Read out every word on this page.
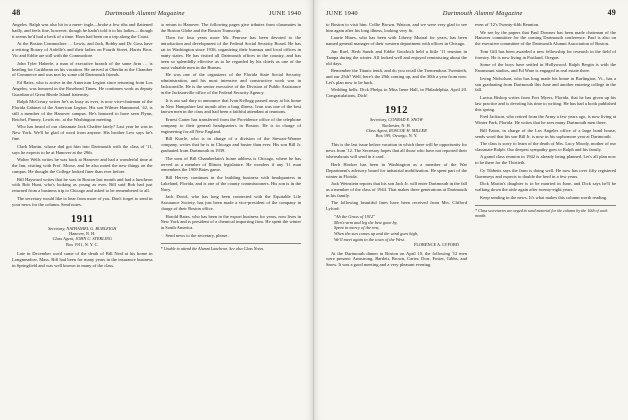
48	Dartmouth Alumni Magazine	JUNE 1940

Angeles. Ralph was also hit in a mere- ingle—broke a few ribs and flattened badly, and feels fine, however, though he hadn't told it to his ladies— though it seems he'd had a heck of a time. Horn had been on a trip along the Coast.

At the Boston Commodore … Lewis, and Jack, Bobby and Dr. Goss have a retiring Rotary of Ardelle's and their ladies on Fourth Street, Harris Bros. Vic and Eddie are still with the Commodore.

John Tyler Haberle, a man of executive branch of the same firm … is heading for Caribbean on his vacation. He arrived at Oberlin at the Chamber of Commerce and was met by some old Dartmouth friends.

Ed Bates, who is active in the American Legion since returning from Los Angeles, was honored in the Rosehead Times. He continues work as deputy Guardian of Great Rhode Island fraternity.

Ralph McCreary writes he's as busy as ever, is now vice-chairman of the Florida Cabinet of the American Legion. His son Wilmer Hammond, '42, is still a member of the Hanover campus. He's honored to have seen Flynn, Reichel, Pinney, Lewis etc. at the Washington meeting.

Who has heard of our classmate Jack Chaffee lately? Last year he was in New York. We'll be glad of word from anyone. His brother Lew says he's fine.

Clark Martin, whose dad got him into Dartmouth with the class of '11, says he expects to be at Hanover at the 29th.

Walter Wells writes he was back at Hanover and had a wonderful time at the Inn, visiting with Prof. Morse, and he also noted the new things on the campus. He thought the College looked finer than ever before.

Bill Hayward writes that he was in Boston last month and had a luncheon with Bob Hunt, who's looking as young as ever. Bill said Bob had just returned from a business trip to Chicago and asked to be remembered to all.

The secretary would like to hear from more of you. Don't forget to send in your news for the column. Send notes.

1911
Secretary, NATHANIEL G. BURLEIGH
Hanover, N. H.
Class Agent, JOHN C. STERLING
Box 1911, N. Y. C.

Late in December word came of the death of Bill Neal at his home in Longmeadow, Mass. Bill had been for many years in the insurance business in Springfield and was well known to many of the class.

to return to Hanover. The following pages give tributes from classmates in the Boston Globe and the Boston Transcript.

Then for four years more Mr. Penrose has been devoted to the introduction and development of the Federal Social Security Board. He has sat in Washington since 1936, organizing their bureaus and local offices in many states. He has visited all Dartmouth offices in the country, and has been so splendidly effective as to be regarded by his chiefs as one of the most valuable men in the Bureau.

He was one of the organizers of the Florida State Social Security administration, and his most intensive and constructive work was in Jacksonville. He is the senior executive of the Division of Public Assistance in the Jacksonville office of the Federal Security Agency.

It is our sad duty to announce that Ivan Kellogg passed away at his home in New Hampshire last month after a long illness. Ivan was one of the best known men in the class and had been a faithful attendant at reunions.

Ernest Carter has transferred from the Providence office of the telephone company to their general headquarters in Boston. He is in charge of engineering for all New England.

Bill Kurrle, who is in charge of a division of the Stewart-Warner company, writes that he is in Chicago and busier than ever. His son Bill Jr. graduated from Dartmouth in 1939.

The sons of Bill Chamberlain's home address is Chicago, where he has served as a member of Illinois legislature. He wonders if any '11 man remembers the 1909 Bates game.

Bill Hervey continues in the building business with headquarters in Lakeland, Florida, and is one of the county commissioners. His son is in the Navy.

Jack Dowd, who has long been connected with the Equitable Life Assurance Society, has just been made a vice-president of the company in charge of their Boston office.

Harold Bates, who has been in the export business for years, now lives in New York and is president of a chemical importing firm. He spent the winter in South America.

Send news to the secretary, please.

* Unable to attend the Alumni Luncheon. See also Class Notes.
JUNE 1940	Dartmouth Alumni Magazine	49

to Boston to visit him. Collie Brown, Watson, and we were very glad to see him again after his long illness, looking very fit.

Laurie Hines, who has been with Liberty Mutual for years, has been named general manager of their western department with offices in Chicago.

Jim Ruel, Herb Sands and Eddie Goodrich held a little '11 reunion in Tampa during the winter. All looked well and enjoyed reminiscing about the old days.

Remember the Titanic tenth, and do you recall the Tremendous Twentieth, and our 25th? Well, here's the 29th coming up, and the 30th a year from now. Let's plan now to be back.

Wedding bells: Dick Phelps to Miss Irene Hall, in Philadelphia, April 20. Congratulations, Dick!

1912
Secretary, CONRAD E. SNOW
Rochester, N. H.
Class Agent, ROSCOE H. MILLER
Box 199, Oswego, N. Y.

This is the last issue before vacation in which there will be opportunity for news from '12. The Secretary hopes that all those who have not reported their whereabouts will send in a card.

Herb Hooker has been in Washington as a member of the War Department's advisory board for industrial mobilization. He spent part of the winter in Florida.

Jack Weinstein reports that his son Jack Jr. will enter Dartmouth in the fall as a member of the class of 1944. That makes three generations at Dartmouth in his family.

The following beautiful lines have been received from Mrs. Clifford Lyford:

"Ah the Grass of 1912"
Men's-arm and leg the best gone by,
Spent in mercy of the rest,
When the sun comes up and the wind goes high,
We'll meet again in the town of the West.
FLORENCE A. LYFORD

At the Dartmouth dinner in Boston on April 10, the following '12 men were present: Armstrong, Bartlett, Brown, Carter, Dorr, Foster, Gibbs, and Snow. It was a good meeting and a very pleasant evening.

even of '12's Twenty-fifth Reunion.

We see by the papers that Paul Downes has been made chairman of the Hanover committee for the coming Dartmouth conference. Paul is also on the executive committee of the Dartmouth Alumni Association of Boston.

Tom Gill has been awarded a new fellowship for research in the field of forestry. He is now living in Portland, Oregon.

Some of the boys have settled in Hollywood. Ralph Bergin is with the Paramount studios, and Ed Ware is engaged in real estate there.

Irving Nicholson, who has long made his home in Burlington, Vt., has a son graduating from Dartmouth this June and another entering college in the fall.

Lucius Bishop writes from Fort Myers, Florida, that he has given up his law practice and is devoting his time to writing. He has had a book published this spring.

Fred Jackson, who retired from the Army a few years ago, is now living at Winter Park, Florida. He writes that he sees many Dartmouth men there.

Bill Eaton, in charge of the Los Angeles office of a large bond house, sends word that his son Bill Jr. is now in his sophomore year at Dartmouth.

The class is sorry to learn of the death of Mrs. Lucy Moody, mother of our classmate Ralph. Our deepest sympathy goes to Ralph and his family.

A grand class reunion in 1942 is already being planned. Let's all plan now to be there for the Thirtieth.

Cy Tibbetts says the farm is doing well. He now has over fifty registered Guernseys and expects to double the herd in a few years.

Dick Martin's daughter is to be married in June, and Dick says he'll be walking down the aisle again after twenty-eight years.

Keep sending in the news. It's what makes this column worth reading.

* Class secretaries are urged to send material for the column by the 10th of each month.
